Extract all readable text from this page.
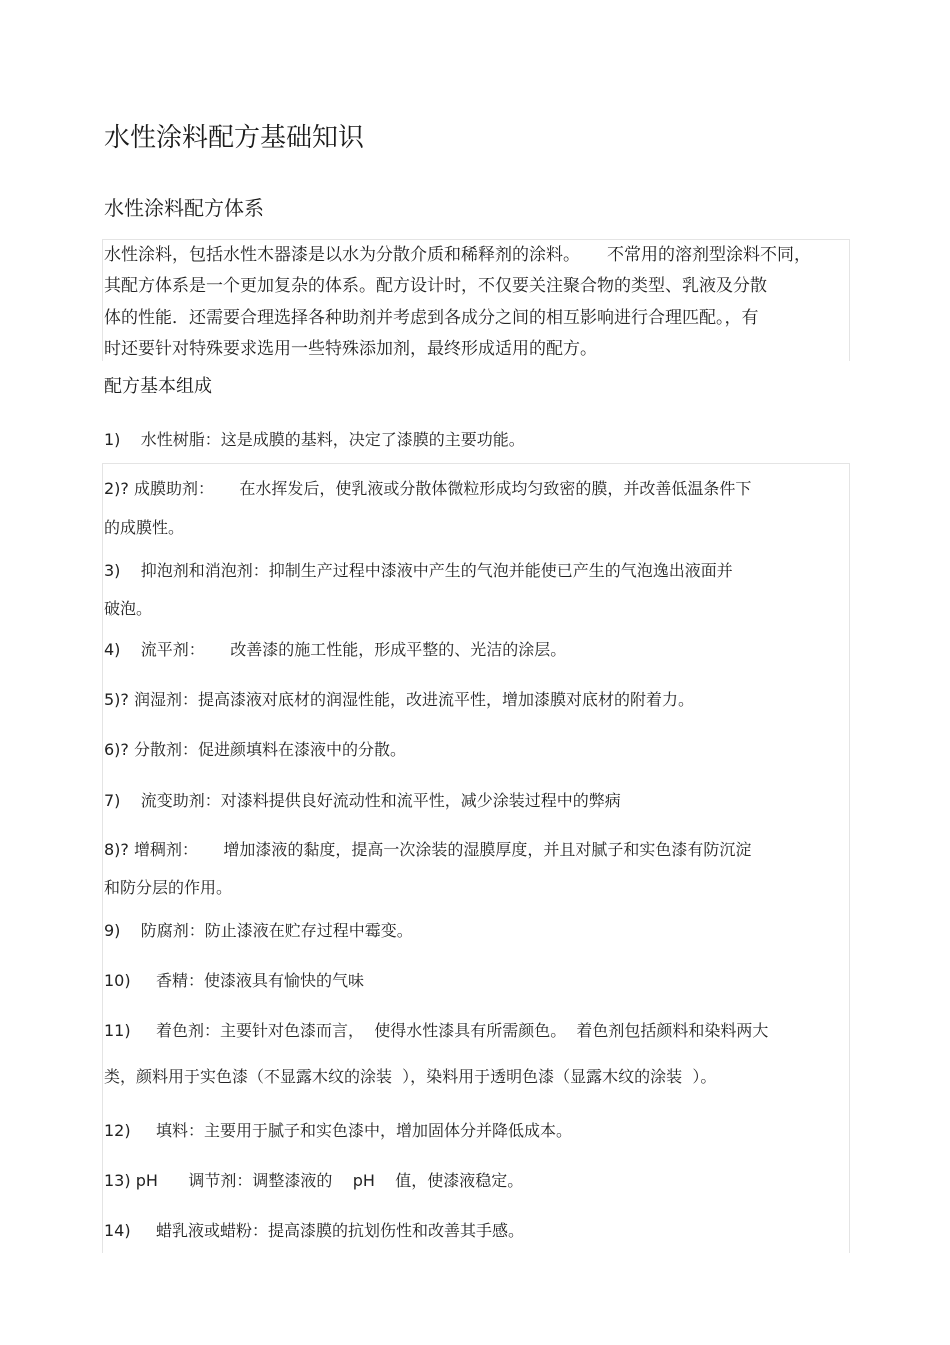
水性涂料配方基础知识
水性涂料配方体系
水性涂料，包括水性木器漆是以水为分散介质和稀释剂的涂料。     不常用的溶剂型涂料不同，
其配方体系是一个更加复杂的体系。配方设计时，不仅要关注聚合物的类型、乳液及分散
体的性能．还需要合理选择各种助剂并考虑到各成分之间的相互影响进行合理匹配。，有
时还要针对特殊要求选用一些特殊添加剂，最终形成适用的配方。
配方基本组成
1)    水性树脂：这是成膜的基料，决定了漆膜的主要功能。
2)? 成膜助剂：     在水挥发后，使乳液或分散体微粒形成均匀致密的膜，并改善低温条件下
的成膜性。
3)    抑泡剂和消泡剂：抑制生产过程中漆液中产生的气泡并能使已产生的气泡逸出液面并
破泡。
4)    流平剂：     改善漆的施工性能，形成平整的、光洁的涂层。
5)? 润湿剂：提高漆液对底材的润湿性能，改进流平性，增加漆膜对底材的附着力。
6)? 分散剂：促进颜填料在漆液中的分散。
7)    流变助剂：对漆料提供良好流动性和流平性，减少涂装过程中的弊病
8)? 增稠剂：     增加漆液的黏度，提高一次涂装的湿膜厚度，并且对腻子和实色漆有防沉淀
和防分层的作用。
9)    防腐剂：防止漆液在贮存过程中霉变。
10)     香精：使漆液具有愉快的气味
11)     着色剂：主要针对色漆而言，  使得水性漆具有所需颜色。  着色剂包括颜料和染料两大
类，颜料用于实色漆（不显露木纹的涂装  ），染料用于透明色漆（显露木纹的涂装  ）。
12)     填料：主要用于腻子和实色漆中，增加固体分并降低成本。
13) pH      调节剂：调整漆液的    pH    值，使漆液稳定。
14)     蜡乳液或蜡粉：提高漆膜的抗划伤性和改善其手感。
